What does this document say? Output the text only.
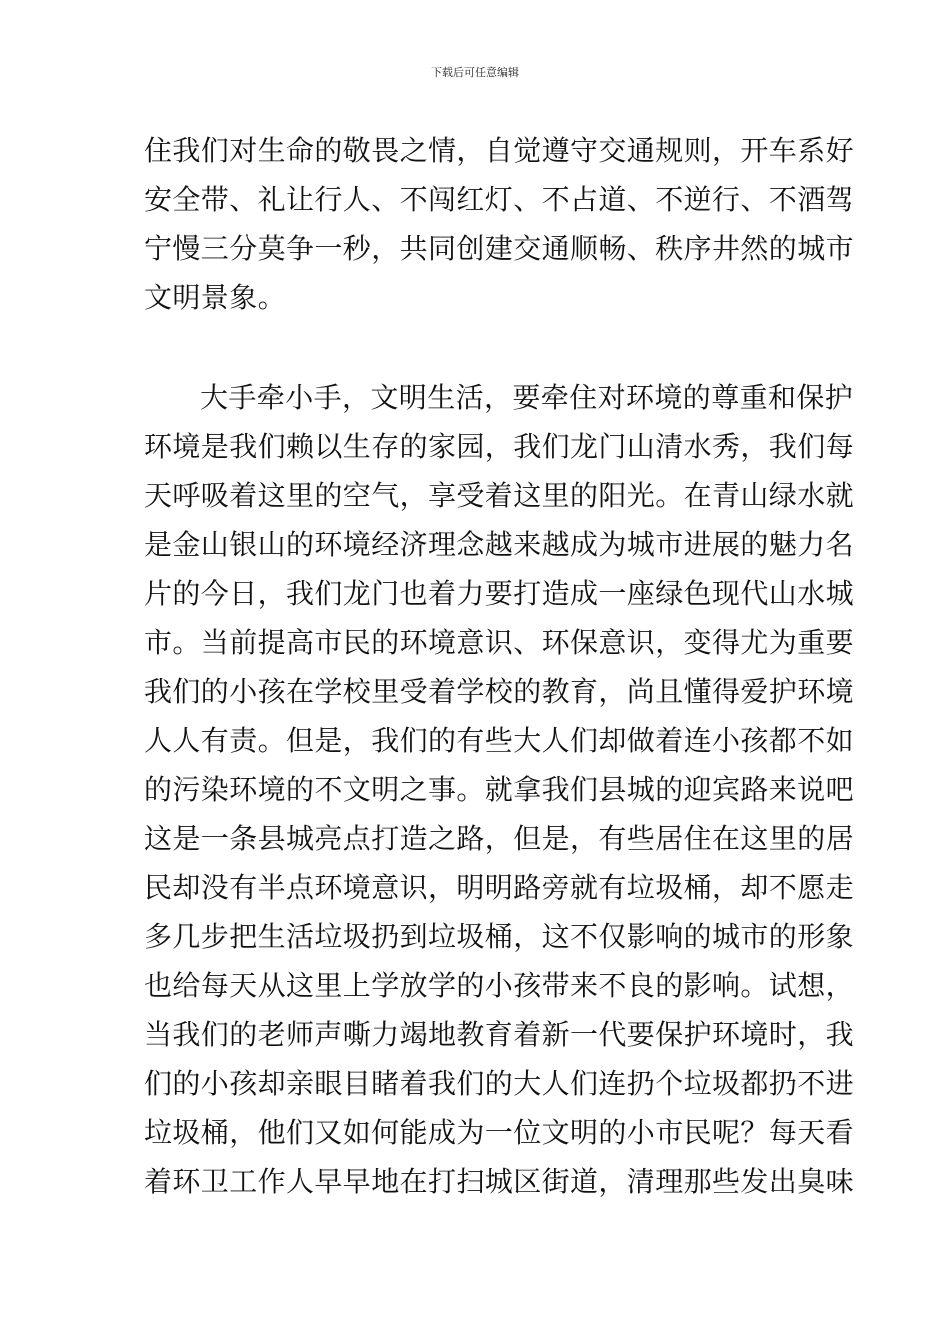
下载后可任意编辑
住我们对生命的敬畏之情，自觉遵守交通规则，开车系好
安全带、礼让行人、不闯红灯、不占道、不逆行、不酒驾
宁慢三分莫争一秒，共同创建交通顺畅、秩序井然的城市
文明景象。
大手牵小手，文明生活，要牵住对环境的尊重和保护
环境是我们赖以生存的家园，我们龙门山清水秀，我们每
天呼吸着这里的空气，享受着这里的阳光。在青山绿水就
是金山银山的环境经济理念越来越成为城市进展的魅力名
片的今日，我们龙门也着力要打造成一座绿色现代山水城
市。当前提高市民的环境意识、环保意识，变得尤为重要
我们的小孩在学校里受着学校的教育，尚且懂得爱护环境
人人有责。但是，我们的有些大人们却做着连小孩都不如
的污染环境的不文明之事。就拿我们县城的迎宾路来说吧
这是一条县城亮点打造之路，但是，有些居住在这里的居
民却没有半点环境意识，明明路旁就有垃圾桶，却不愿走
多几步把生活垃圾扔到垃圾桶，这不仅影响的城市的形象
也给每天从这里上学放学的小孩带来不良的影响。试想，
当我们的老师声嘶力竭地教育着新一代要保护环境时，我
们的小孩却亲眼目睹着我们的大人们连扔个垃圾都扔不进
垃圾桶，他们又如何能成为一位文明的小市民呢？每天看
着环卫工作人早早地在打扫城区街道，清理那些发出臭味
